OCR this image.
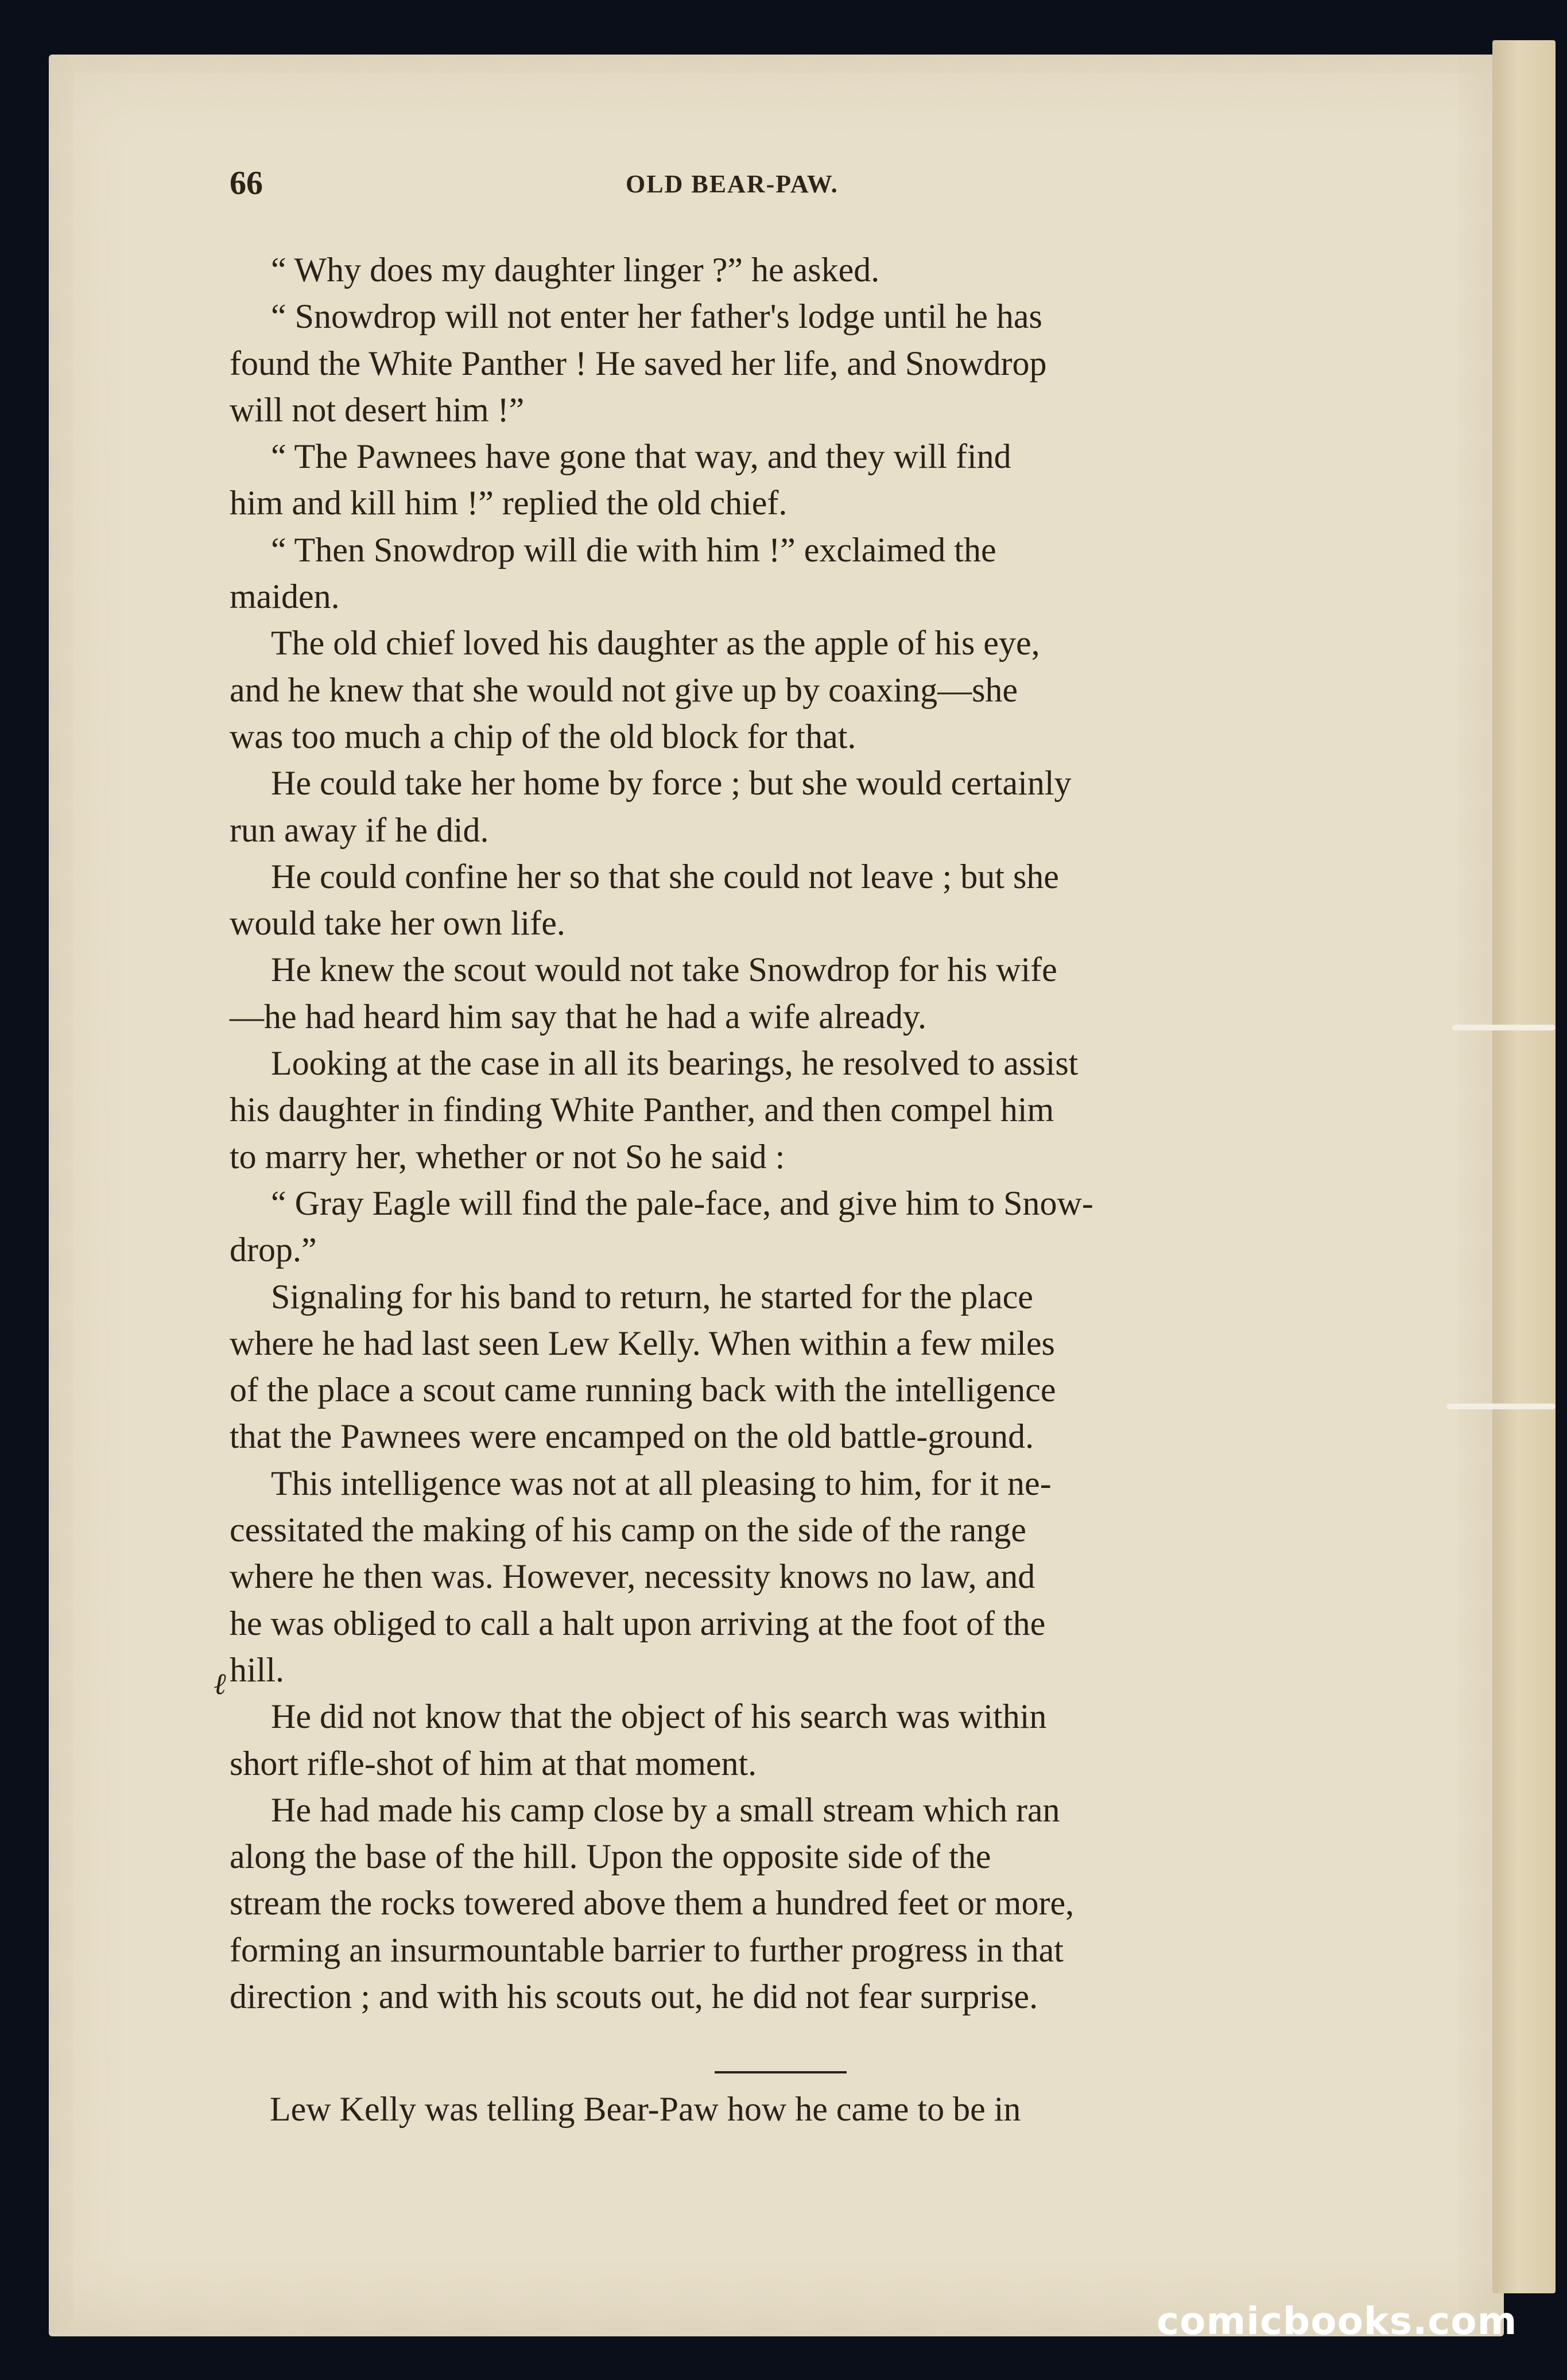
66	OLD BEAR-PAW.
“ Why does my daughter linger ?” he asked.
“ Snowdrop will not enter her father's lodge until he has
found the White Panther ! He saved her life, and Snowdrop
will not desert him !”
“ The Pawnees have gone that way, and they will find
him and kill him !” replied the old chief.
“ Then Snowdrop will die with him !” exclaimed the
maiden.
The old chief loved his daughter as the apple of his eye,
and he knew that she would not give up by coaxing—she
was too much a chip of the old block for that.
He could take her home by force ; but she would certainly
run away if he did.
He could confine her so that she could not leave ; but she
would take her own life.
He knew the scout would not take Snowdrop for his wife
—he had heard him say that he had a wife already.
Looking at the case in all its bearings, he resolved to assist
his daughter in finding White Panther, and then compel him
to marry her, whether or not So he said :
“ Gray Eagle will find the pale-face, and give him to Snow-
drop.”
Signaling for his band to return, he started for the place
where he had last seen Lew Kelly. When within a few miles
of the place a scout came running back with the intelligence
that the Pawnees were encamped on the old battle-ground.
This intelligence was not at all pleasing to him, for it ne-
cessitated the making of his camp on the side of the range
where he then was. However, necessity knows no law, and
he was obliged to call a halt upon arriving at the foot of the
hill.
He did not know that the object of his search was within
short rifle-shot of him at that moment.
He had made his camp close by a small stream which ran
along the base of the hill. Upon the opposite side of the
stream the rocks towered above them a hundred feet or more,
forming an insurmountable barrier to further progress in that
direction ; and with his scouts out, he did not fear surprise.
ℓ
Lew Kelly was telling Bear-Paw how he came to be in
comicbooks.com
